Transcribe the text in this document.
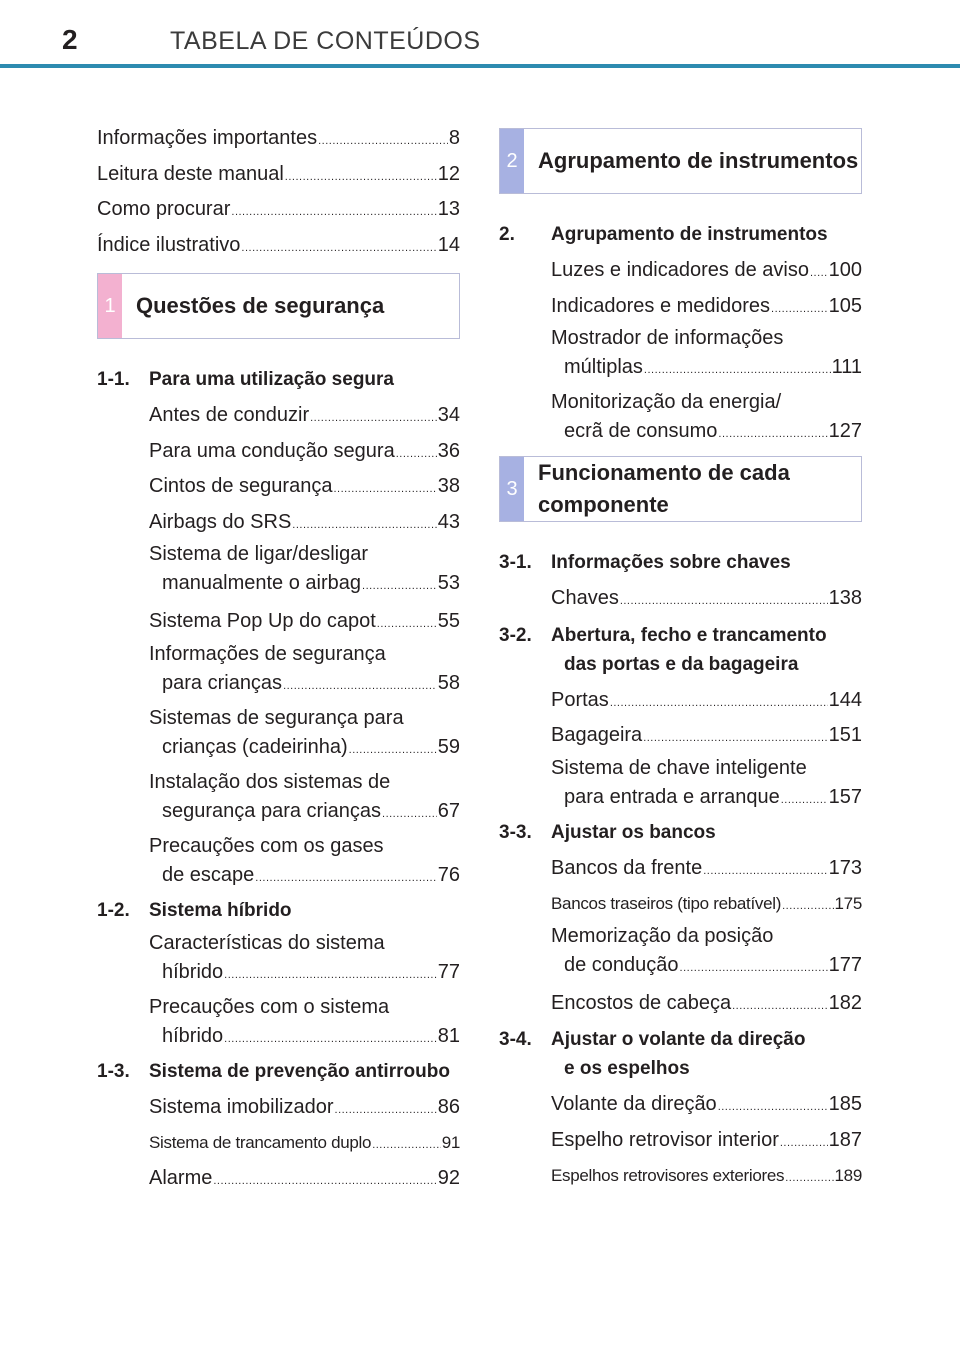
2	TABELA DE CONTEÚDOS
Informações importantes .....	8
Leitura deste manual .....	12
Como procurar .....	13
Índice ilustrativo .....	14
1 Questões de segurança
1-1.	Para uma utilização segura
Antes de conduzir .....	34
Para uma condução segura ..... 36
Cintos de segurança .....	38
Airbags do SRS .....	43
Sistema de ligar/desligar
manualmente o airbag .....	53
Sistema Pop Up do capot .....	55
Informações de segurança
para crianças .....	58
Sistemas de segurança para
crianças (cadeirinha) .....	59
Instalação dos sistemas de
segurança para crianças .....	67
Precauções com os gases
de escape .....	76
1-2.	Sistema híbrido
Características do sistema
híbrido .....	77
Precauções com o sistema
híbrido .....	81
1-3.	Sistema de prevenção antirroubo
Sistema imobilizador .....	86
Sistema de trancamento duplo .....	91
Alarme .....	92
2 Agrupamento de instrumentos
2.	Agrupamento de instrumentos
Luzes e indicadores de aviso ..... 100
Indicadores e medidores .....	105
Mostrador de informações
múltiplas .....	111
Monitorização da energia/
ecrã de consumo .....	127
3
Funcionamento de cada
componente
3-1.	Informações sobre chaves
Chaves .....	138
3-2.	Abertura, fecho e trancamento
das portas e da bagageira
Portas .....	144
Bagageira .....	151
Sistema de chave inteligente
para entrada e arranque ..... 157
3-3.	Ajustar os bancos
Bancos da frente .....	173
Bancos traseiros (tipo rebatível) .....	175
Memorização da posição
de condução .....	177
Encostos de cabeça .....	182
3-4.	Ajustar o volante da direção
e os espelhos
Volante da direção .....	185
Espelho retrovisor interior ..... 187
Espelhos retrovisores exteriores .....	189
